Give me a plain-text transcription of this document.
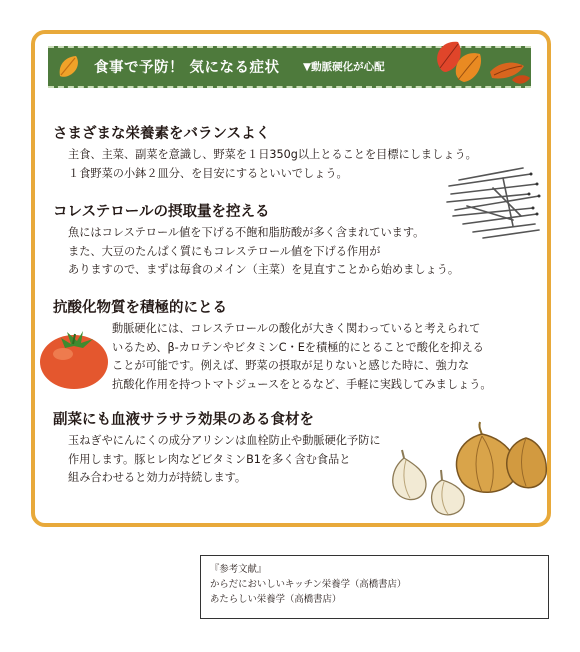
食事で予防！ 気になる症状 ▼動脈硬化が心配
さまざまな栄養素をバランスよく

主食、主菜、副菜を意識し、野菜を１日350g以上とることを目標にしましょう。

１食野菜の小鉢２皿分、を目安にするといいでしょう。

コレステロールの摂取量を控える

魚にはコレステロール値を下げる不飽和脂肪酸が多く含まれています。

また、大豆のたんぱく質にもコレステロール値を下げる作用が

ありますので、まずは毎食のメイン（主菜）を見直すことから始めましょう。

抗酸化物質を積極的にとる

動脈硬化には、コレステロールの酸化が大きく関わっていると考えられて

いるため、β-カロテンやビタミンC・Eを積極的にとることで酸化を抑える

ことが可能です。例えば、野菜の摂取が足りないと感じた時に、強力な

抗酸化作用を持つトマトジュースをとるなど、手軽に実践してみましょう。

副菜にも血液サラサラ効果のある食材を

玉ねぎやにんにくの成分アリシンは血栓防止や動脈硬化予防に

作用します。豚ヒレ肉などビタミンB1を多く含む食品と

組み合わせると効力が持続します。

『参考文献』
からだにおいしいキッチン栄養学（高橋書店）
あたらしい栄養学（高橋書店）
